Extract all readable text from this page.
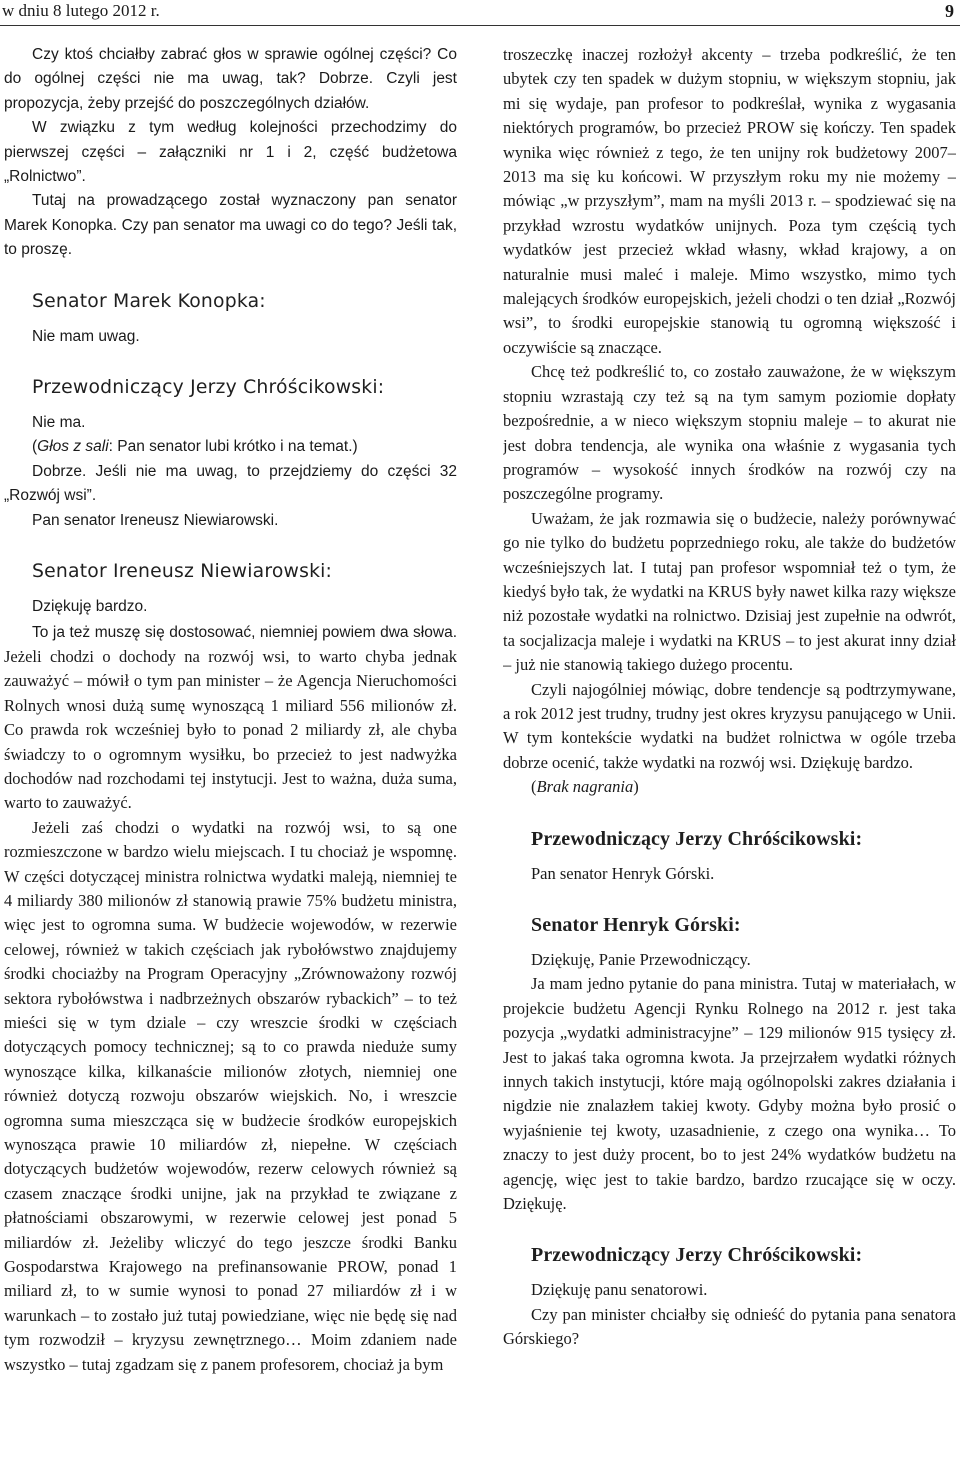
w dniu 8 lutego 2012 r.	9

Czy ktoś chciałby zabrać głos w sprawie ogólnej części? Co do ogólnej części nie ma uwag, tak? Dobrze. Czyli jest propozycja, żeby przejść do poszczególnych działów.

W związku z tym według kolejności przechodzimy do pierwszej części – załączniki nr 1 i 2, część budżetowa „Rolnictwo”.

Tutaj na prowadzącego został wyznaczony pan senator Marek Konopka. Czy pan senator ma uwagi co do tego? Jeśli tak, to proszę.

Senator Marek Konopka:

Nie mam uwag.

Przewodniczący Jerzy Chróścikowski:

Nie ma.

(Głos z sali: Pan senator lubi krótko i na temat.)

Dobrze. Jeśli nie ma uwag, to przejdziemy do części 32 „Rozwój wsi”.

Pan senator Ireneusz Niewiarowski.

Senator Ireneusz Niewiarowski:

Dziękuję bardzo.

To ja też muszę się dostosować, niemniej powiem dwa słowa. Jeżeli chodzi o dochody na rozwój wsi, to warto chyba jednak zauważyć – mówił o tym pan minister – że Agencja Nieruchomości Rolnych wnosi dużą sumę wynoszącą 1 miliard 556 milionów zł. Co prawda rok wcześniej było to ponad 2 miliardy zł, ale chyba świadczy to o ogromnym wysiłku, bo przecież to jest nadwyżka dochodów nad rozchodami tej instytucji. Jest to ważna, duża suma, warto to zauważyć.

Jeżeli zaś chodzi o wydatki na rozwój wsi, to są one rozmieszczone w bardzo wielu miejscach. I tu chociaż je wspomnę. W części dotyczącej ministra rolnictwa wydatki maleją, niemniej te 4 miliardy 380 milionów zł stanowią prawie 75% budżetu ministra, więc jest to ogromna suma. W budżecie wojewodów, w rezerwie celowej, również w takich częściach jak rybołówstwo znajdujemy środki chociażby na Program Operacyjny „Zrównoważony rozwój sektora rybołówstwa i nadbrzeżnych obszarów rybackich” – to też mieści się w tym dziale – czy wreszcie środki w częściach dotyczących pomocy technicznej; są to co prawda nieduże sumy wynoszące kilka, kilkanaście milionów złotych, niemniej one również dotyczą rozwoju obszarów wiejskich. No, i wreszcie ogromna suma mieszcząca się w budżecie środków europejskich wynosząca prawie 10 miliardów zł, niepełne. W częściach dotyczących budżetów wojewodów, rezerw celowych również są czasem znaczące środki unijne, jak na przykład te związane z płatnościami obszarowymi, w rezerwie celowej jest ponad 5 miliardów zł. Jeżeliby wliczyć do tego jeszcze środki Banku Gospodarstwa Krajowego na prefinansowanie PROW, ponad 1 miliard zł, to w sumie wynosi to ponad 27 miliardów zł i w warunkach – to zostało już tutaj powiedziane, więc nie będę się nad tym rozwodził – kryzysu zewnętrznego… Moim zdaniem nade wszystko – tutaj zgadzam się z panem profesorem, chociaż ja bym

troszeczkę inaczej rozłożył akcenty – trzeba podkreślić, że ten ubytek czy ten spadek w dużym stopniu, w większym stopniu, jak mi się wydaje, pan profesor to podkreślał, wynika z wygasania niektórych programów, bo przecież PROW się kończy. Ten spadek wynika więc również z tego, że ten unijny rok budżetowy 2007–2013 ma się ku końcowi. W przyszłym roku my nie możemy – mówiąc „w przyszłym”, mam na myśli 2013 r. – spodziewać się na przykład wzrostu wydatków unijnych. Poza tym częścią tych wydatków jest przecież wkład własny, wkład krajowy, a on naturalnie musi maleć i maleje. Mimo wszystko, mimo tych malejących środków europejskich, jeżeli chodzi o ten dział „Rozwój wsi”, to środki europejskie stanowią tu ogromną większość i oczywiście są znaczące.

Chcę też podkreślić to, co zostało zauważone, że w większym stopniu wzrastają czy też są na tym samym poziomie dopłaty bezpośrednie, a w nieco większym stopniu maleje – to akurat nie jest dobra tendencja, ale wynika ona właśnie z wygasania tych programów – wysokość innych środków na rozwój czy na poszczególne programy.

Uważam, że jak rozmawia się o budżecie, należy porównywać go nie tylko do budżetu poprzedniego roku, ale także do budżetów wcześniejszych lat. I tutaj pan profesor wspomniał też o tym, że kiedyś było tak, że wydatki na KRUS były nawet kilka razy większe niż pozostałe wydatki na rolnictwo. Dzisiaj jest zupełnie na odwrót, ta socjalizacja maleje i wydatki na KRUS – to jest akurat inny dział – już nie stanowią takiego dużego procentu.

Czyli najogólniej mówiąc, dobre tendencje są podtrzymywane, a rok 2012 jest trudny, trudny jest okres kryzysu panującego w Unii. W tym kontekście wydatki na budżet rolnictwa w ogóle trzeba dobrze ocenić, także wydatki na rozwój wsi. Dziękuję bardzo.

(Brak nagrania)

Przewodniczący Jerzy Chróścikowski:

Pan senator Henryk Górski.

Senator Henryk Górski:

Dziękuję, Panie Przewodniczący.

Ja mam jedno pytanie do pana ministra. Tutaj w materiałach, w projekcie budżetu Agencji Rynku Rolnego na 2012 r. jest taka pozycja „wydatki administracyjne” – 129 milionów 915 tysięcy zł. Jest to jakaś taka ogromna kwota. Ja przejrzałem wydatki różnych innych takich instytucji, które mają ogólnopolski zakres działania i nigdzie nie znalazłem takiej kwoty. Gdyby można było prosić o wyjaśnienie tej kwoty, uzasadnienie, z czego ona wynika… To znaczy to jest duży procent, bo to jest 24% wydatków budżetu na agencję, więc jest to takie bardzo, bardzo rzucające się w oczy. Dziękuję.

Przewodniczący Jerzy Chróścikowski:

Dziękuję panu senatorowi.

Czy pan minister chciałby się odnieść do pytania pana senatora Górskiego?
